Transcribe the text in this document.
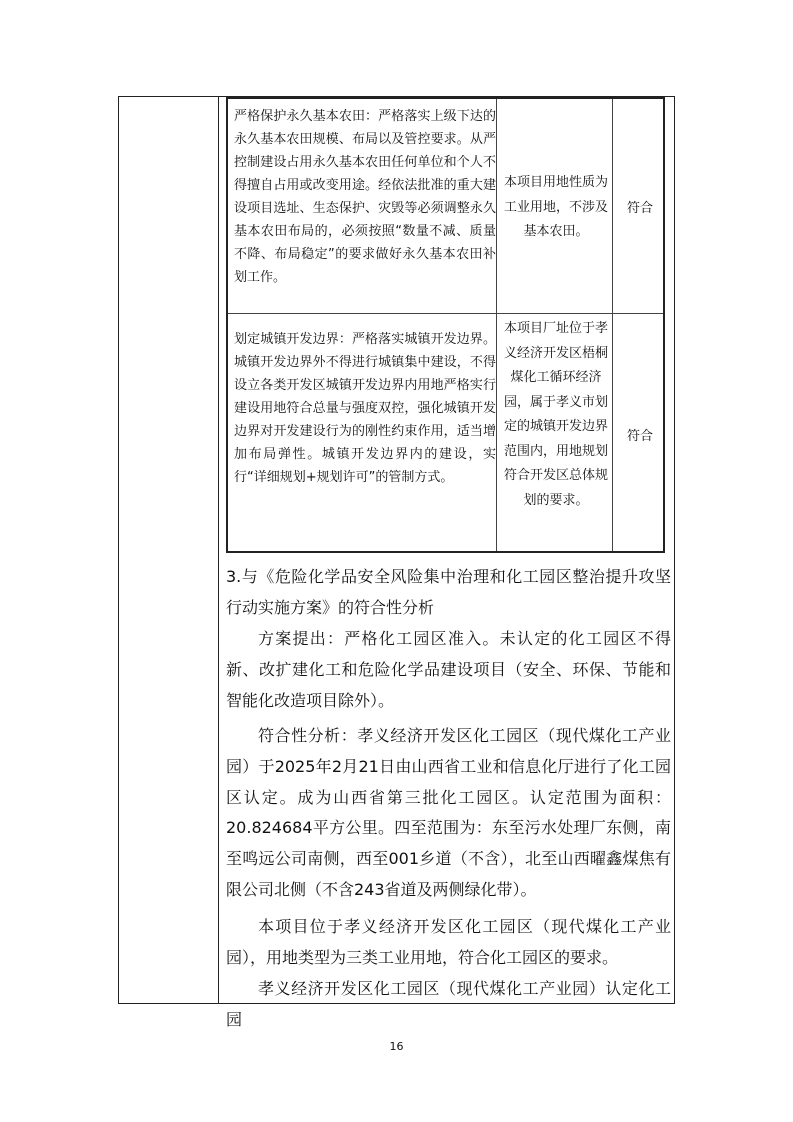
严格保护永久基本农田：严格落实上级下达的永久基本农田规模、布局以及管控要求。从严控制建设占用永久基本农田任何单位和个人不得擅自占用或改变用途。经依法批准的重大建设项目选址、生态保护、灾毁等必须调整永久基本农田布局的，必须按照“数量不减、质量不降、布局稳定”的要求做好永久基本农田补划工作。
本项目用地性质为工业用地，不涉及基本农田。
符合
划定城镇开发边界：严格落实城镇开发边界。城镇开发边界外不得进行城镇集中建设，不得设立各类开发区城镇开发边界内用地严格实行建设用地符合总量与强度双控，强化城镇开发边界对开发建设行为的刚性约束作用，适当增加布局弹性。城镇开发边界内的建设，实行“详细规划+规划许可”的管制方式。
本项目厂址位于孝义经济开发区梧桐煤化工循环经济园，属于孝义市划定的城镇开发边界范围内，用地规划符合开发区总体规划的要求。
符合
3.与《危险化学品安全风险集中治理和化工园区整治提升攻坚行动实施方案》的符合性分析
方案提出：严格化工园区准入。未认定的化工园区不得新、改扩建化工和危险化学品建设项目（安全、环保、节能和智能化改造项目除外）。
符合性分析：孝义经济开发区化工园区（现代煤化工产业园）于2025年2月21日由山西省工业和信息化厅进行了化工园区认定。成为山西省第三批化工园区。认定范围为面积：20.824684平方公里。四至范围为：东至污水处理厂东侧，南至鸣远公司南侧，西至001乡道（不含），北至山西曜鑫煤焦有限公司北侧（不含243省道及两侧绿化带）。
本项目位于孝义经济开发区化工园区（现代煤化工产业园），用地类型为三类工业用地，符合化工园区的要求。
孝义经济开发区化工园区（现代煤化工产业园）认定化工园
16
